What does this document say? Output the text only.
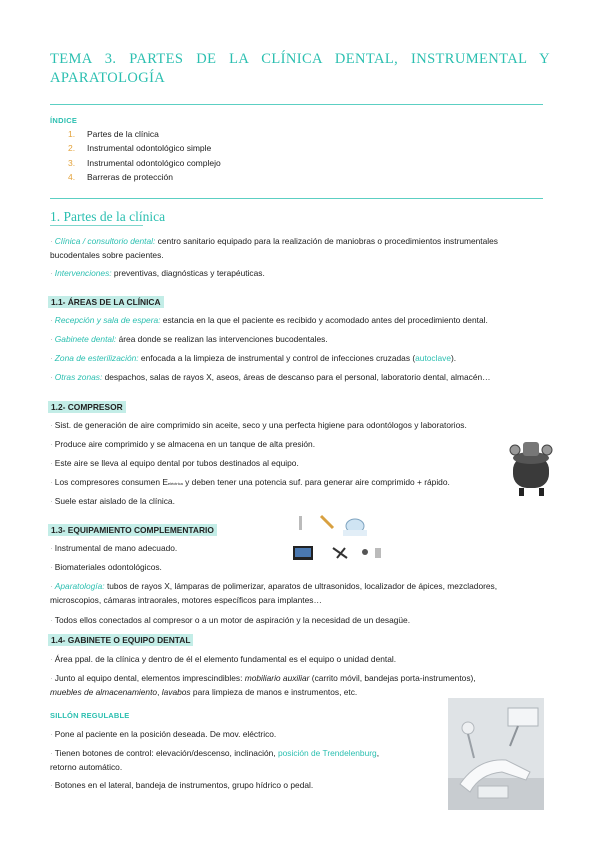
TEMA 3. PARTES DE LA CLÍNICA DENTAL, INSTRUMENTAL Y APARATOLOGÍA
ÍNDICE
1. Partes de la clínica
2. Instrumental odontológico simple
3. Instrumental odontológico complejo
4. Barreras de protección
1. Partes de la clínica
· Clínica / consultorio dental: centro sanitario equipado para la realización de maniobras o procedimientos instrumentales
bucodentales sobre pacientes.
· Intervenciones: preventivas, diagnósticas y terapéuticas.
1.1- ÁREAS DE LA CLÍNICA
· Recepción y sala de espera: estancia en la que el paciente es recibido y acomodado antes del procedimiento dental.
· Gabinete dental: área donde se realizan las intervenciones bucodentales.
· Zona de esterilización: enfocada a la limpieza de instrumental y control de infecciones cruzadas (autoclave).
· Otras zonas: despachos, salas de rayos X, aseos, áreas de descanso para el personal, laboratorio dental, almacén…
1.2- COMPRESOR
· Sist. de generación de aire comprimido sin aceite, seco y una perfecta higiene para odontólogos y laboratorios.
· Produce aire comprimido y se almacena en un tanque de alta presión.
· Este aire se lleva al equipo dental por tubos destinados al equipo.
· Los compresores consumen Eeléctrica y deben tener una potencia suf. para generar aire comprimido + rápido.
· Suele estar aislado de la clínica.
1.3- EQUIPAMIENTO COMPLEMENTARIO
· Instrumental de mano adecuado.
· Biomateriales odontológicos.
· Aparatología: tubos de rayos X, lámparas de polimerizar, aparatos de ultrasonidos, localizador de ápices, mezcladores,
microscopios, cámaras intraorales, motores específicos para implantes…
· Todos ellos conectados al compresor o a un motor de aspiración y la necesidad de un desagüe.
1.4- GABINETE O EQUIPO DENTAL
· Área ppal. de la clínica y dentro de él el elemento fundamental es el equipo o unidad dental.
· Junto al equipo dental, elementos imprescindibles: mobiliario auxiliar (carrito móvil, bandejas porta-instrumentos),
muebles de almacenamiento, lavabos para limpieza de manos e instrumentos, etc.
SILLÓN REGULABLE
· Pone al paciente en la posición deseada. De mov. eléctrico.
· Tienen botones de control: elevación/descenso, inclinación, posición de Trendelenburg,
retorno automático.
· Botones en el lateral, bandeja de instrumentos, grupo hídrico o pedal.
